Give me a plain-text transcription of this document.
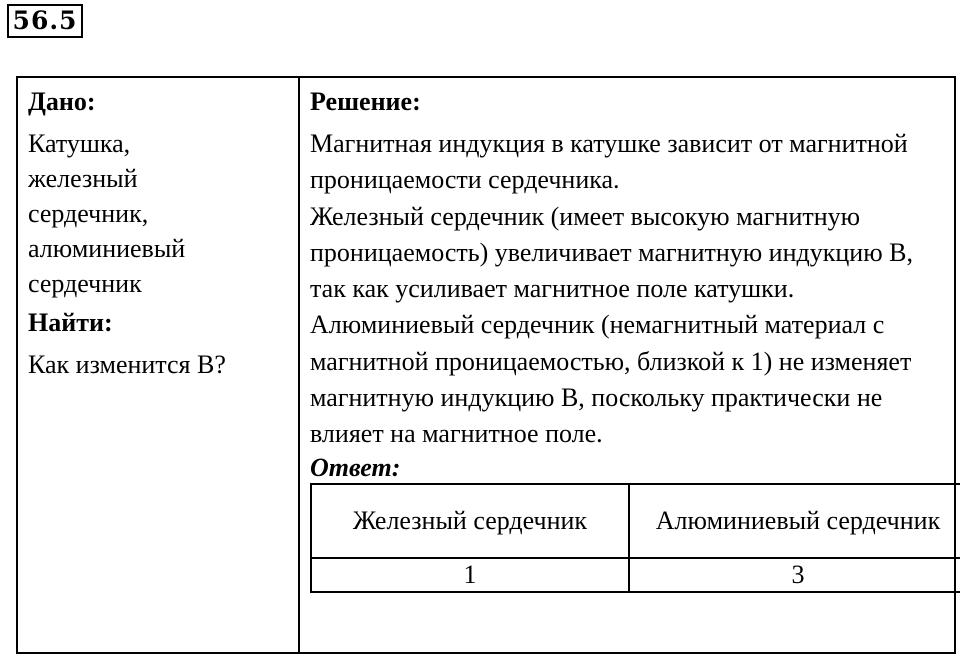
56.5

Дано:

Катушка,

железный

сердечник,

алюминиевый

сердечник

Найти:

Как изменится B?

Решение:

Магнитная индукция в катушке зависит от магнитной проницаемости сердечника.

Железный сердечник (имеет высокую магнитную проницаемость) увеличивает магнитную индукцию B, так как усиливает магнитное поле катушки.

Алюминиевый сердечник (немагнитный материал с магнитной проницаемостью, близкой к 1) не изменяет магнитную индукцию B, поскольку практически не влияет на магнитное поле.

Ответ:

Железный сердечник	Алюминиевый сердечник
1	3
